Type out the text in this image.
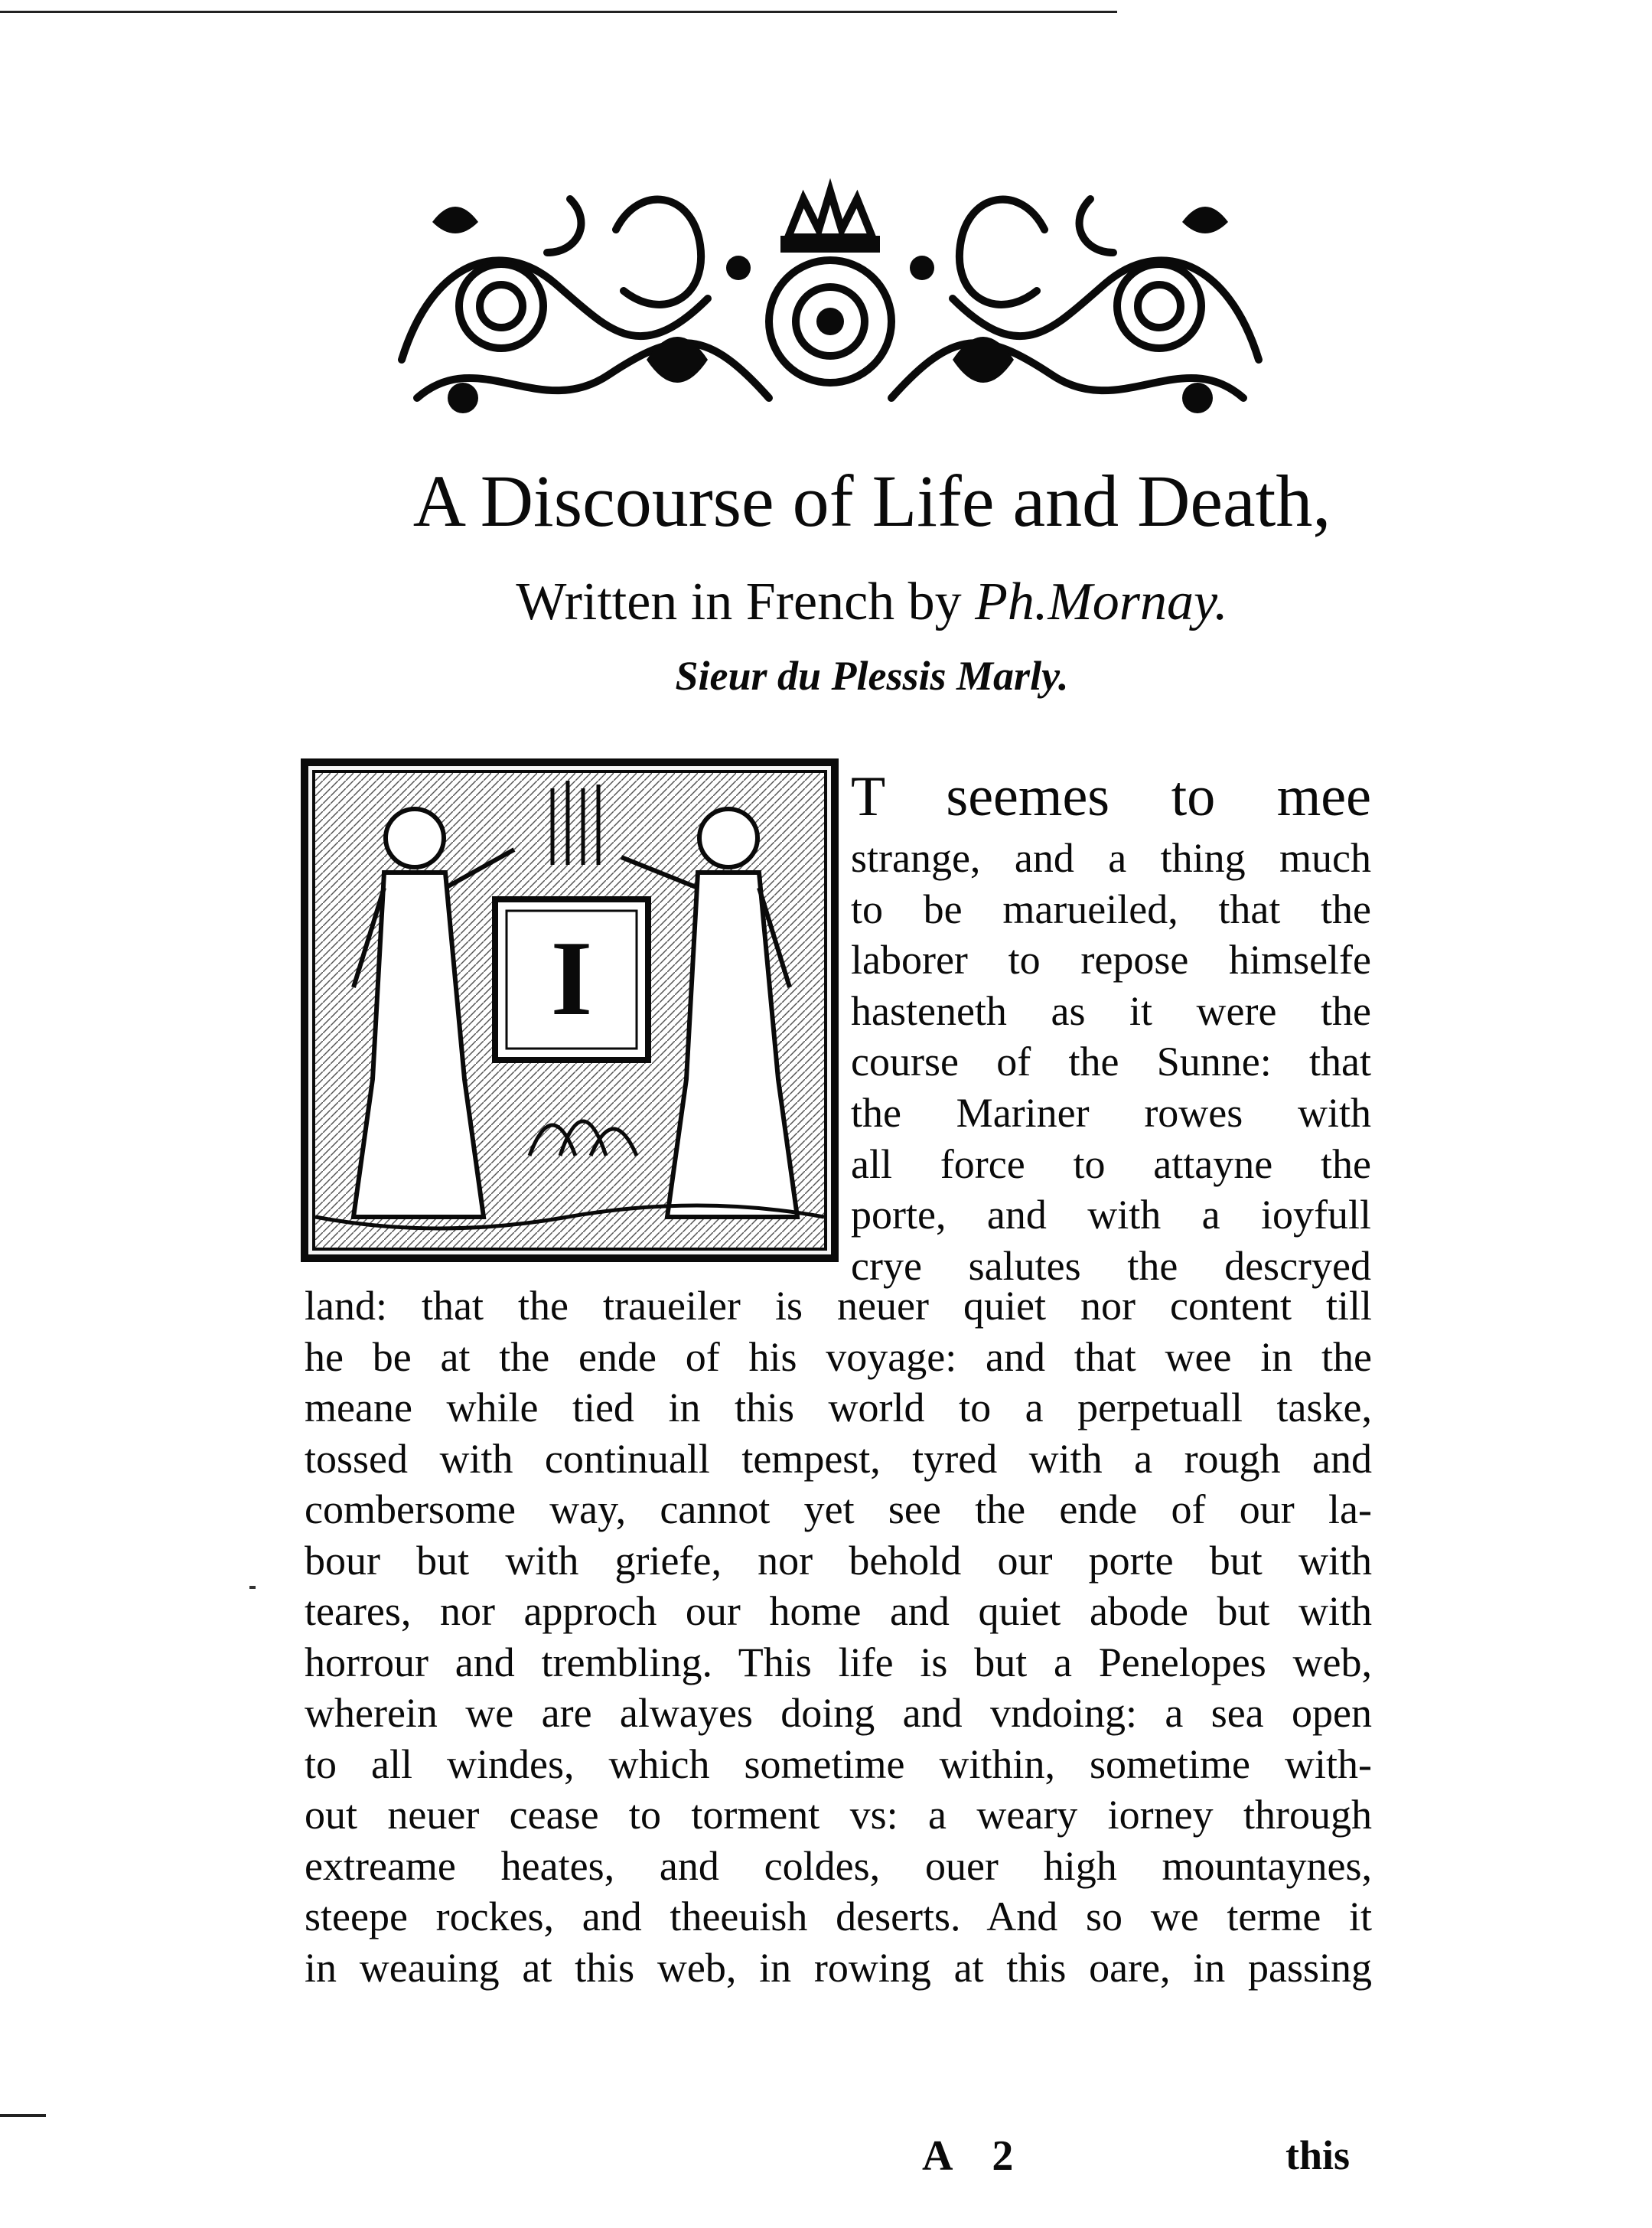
A Discourse of Life and Death,
Written in French by Ph.Mornay.
Sieur du Plessis Marly.
I
T seemes to mee
strange, and a thing much
to be marueiled, that the
laborer to repose himselfe
hasteneth as it were the
course of the Sunne: that
the Mariner rowes with
all force to attayne the
porte, and with a ioyfull
crye salutes the descryed
land: that the traueiler is neuer quiet nor content till
he be at the ende of his voyage: and that wee in the
meane while tied in this world to a perpetuall taske,
tossed with continuall tempest, tyred with a rough and
combersome way, cannot yet see the ende of our la-
bour but with griefe, nor behold our porte but with
teares, nor approch our home and quiet abode but with
horrour and trembling. This life is but a Penelopes web,
wherein we are alwayes doing and vndoing: a sea open
to all windes, which sometime within, sometime with-
out neuer cease to torment vs: a weary iorney through
extreame heates, and coldes, ouer high mountaynes,
steepe rockes, and theeuish deserts. And so we terme it
in weauing at this web, in rowing at this oare, in passing
A 2	this
